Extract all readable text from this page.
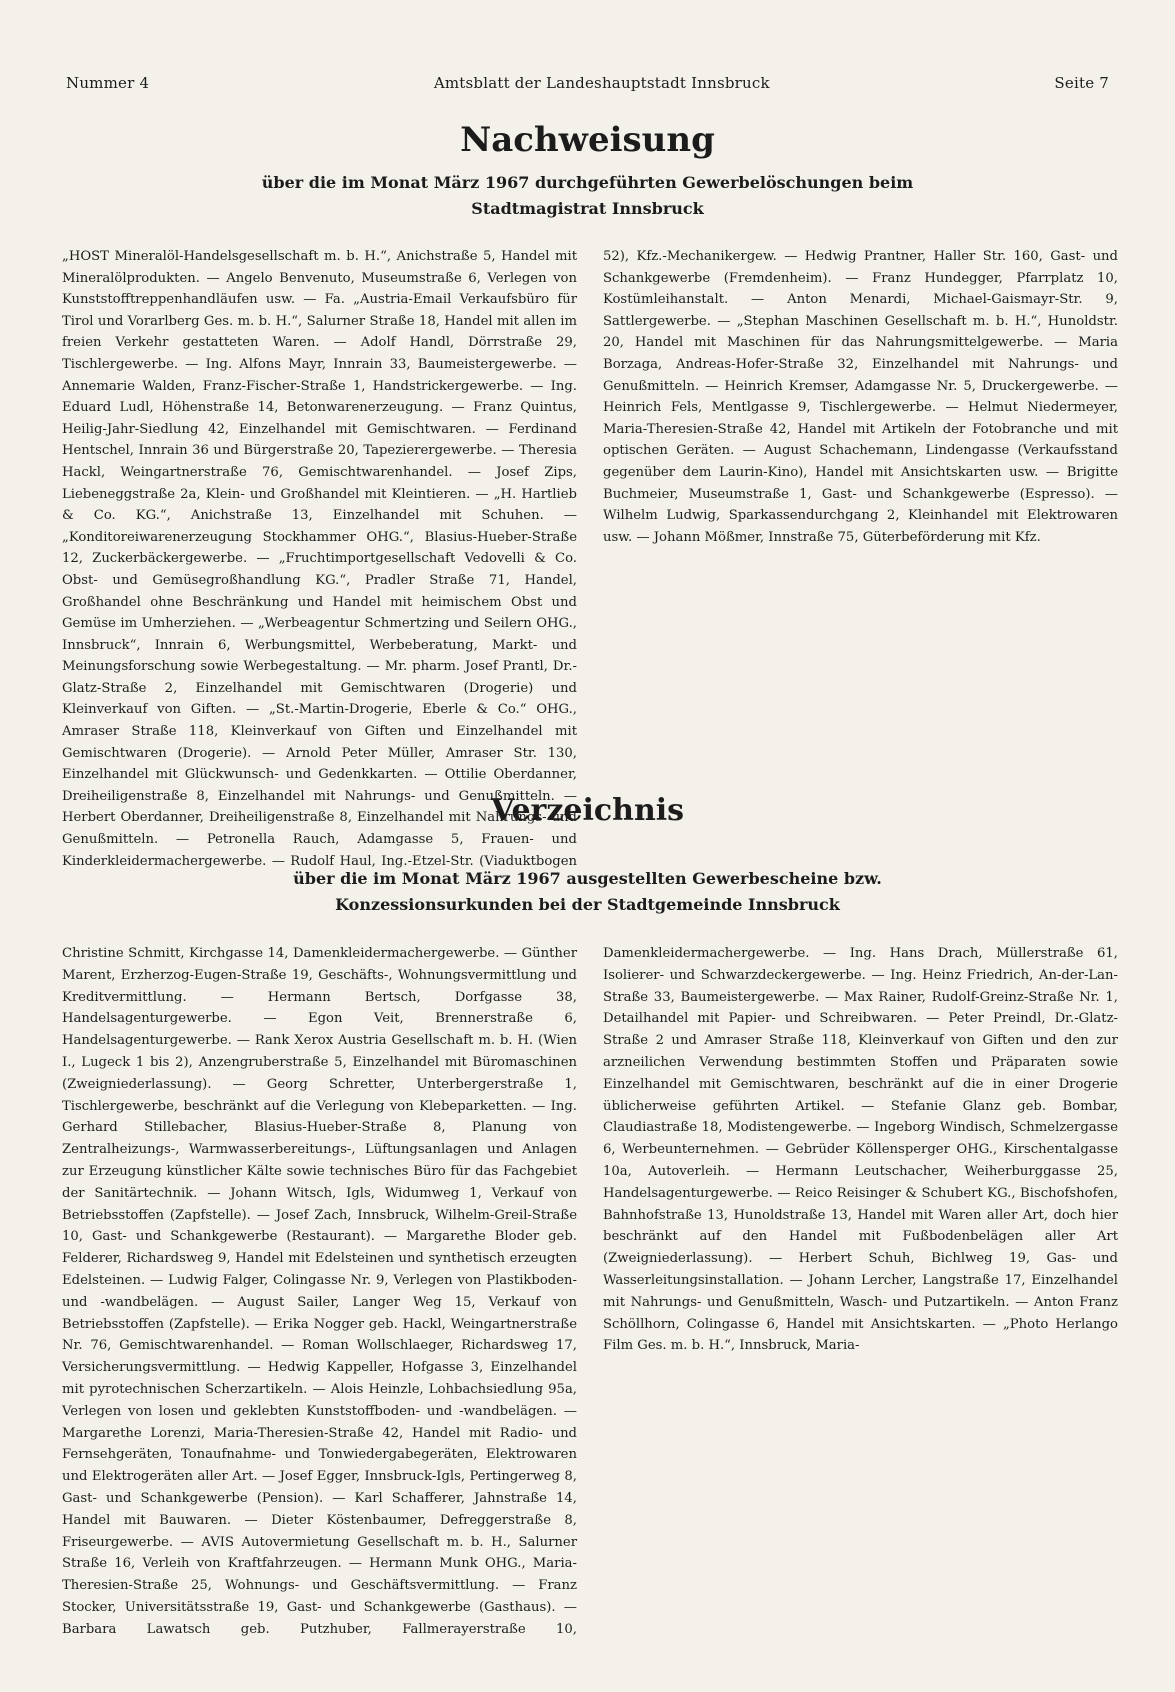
Nummer 4	Amtsblatt der Landeshauptstadt Innsbruck	Seite 7
Nachweisung
über die im Monat März 1967 durchgeführten Gewerbelöschungen beim
Stadtmagistrat Innsbruck

„HOST Mineralöl-Handelsgesellschaft m. b. H.“, Anichstraße 5, Handel mit Mineralölprodukten. — Angelo Benvenuto, Museumstraße 6, Verlegen von Kunststofftreppenhandläufen usw. — Fa. „Austria-Email Verkaufsbüro für Tirol und Vorarlberg Ges. m. b. H.“, Salurner Straße 18, Handel mit allen im freien Verkehr gestatteten Waren. — Adolf Handl, Dörrstraße 29, Tischlergewerbe. — Ing. Alfons Mayr, Innrain 33, Baumeistergewerbe. — Annemarie Walden, Franz-Fischer-Straße 1, Handstrickergewerbe. — Ing. Eduard Ludl, Höhenstraße 14, Betonwarenerzeugung. — Franz Quintus, Heilig-Jahr-Siedlung 42, Einzelhandel mit Gemischtwaren. — Ferdinand Hentschel, Innrain 36 und Bürgerstraße 20, Tapezierergewerbe. — Theresia Hackl, Weingartnerstraße 76, Gemischtwarenhandel. — Josef Zips, Liebeneggstraße 2a, Klein- und Großhandel mit Kleintieren. — „H. Hartlieb & Co. KG.“, Anichstraße 13, Einzelhandel mit Schuhen. — „Konditoreiwarenerzeugung Stockhammer OHG.“, Blasius-Hueber-Straße 12, Zuckerbäckergewerbe. — „Fruchtimportgesellschaft Vedovelli & Co. Obst- und Gemüsegroßhandlung KG.“, Pradler Straße 71, Handel, Großhandel ohne Beschränkung und Handel mit heimischem Obst und Gemüse im Umherziehen. — „Werbeagentur Schmertzing und Seilern OHG., Innsbruck“, Innrain 6, Werbungsmittel, Werbeberatung, Markt- und Meinungsforschung sowie Werbegestaltung. — Mr. pharm. Josef Prantl, Dr.-Glatz-Straße 2, Einzelhandel mit Gemischtwaren (Drogerie) und Kleinverkauf von Giften. — „St.-Martin-Drogerie, Eberle & Co.“ OHG., Amraser Straße 118, Kleinverkauf von Giften und Einzelhandel mit Gemischtwaren (Drogerie). — Arnold Peter Müller, Amraser Str. 130, Einzelhandel mit Glückwunsch- und Gedenkkarten. — Ottilie Oberdanner, Dreiheiligenstraße 8, Einzelhandel mit Nahrungs- und Genußmitteln. — Herbert Oberdanner, Dreiheiligenstraße 8, Einzelhandel mit Nahrungs- und Genußmitteln. — Petronella Rauch, Adamgasse 5, Frauen- und Kinderkleidermachergewerbe. — Rudolf Haul, Ing.-Etzel-Str. (Viaduktbogen 52), Kfz.-Mechanikergew. — Hedwig Prantner, Haller Str. 160, Gast- und Schankgewerbe (Fremdenheim). — Franz Hundegger, Pfarrplatz 10, Kostümleihanstalt. — Anton Menardi, Michael-Gaismayr-Str. 9, Sattlergewerbe. — „Stephan Maschinen Gesellschaft m. b. H.“, Hunoldstr. 20, Handel mit Maschinen für das Nahrungsmittelgewerbe. — Maria Borzaga, Andreas-Hofer-Straße 32, Einzelhandel mit Nahrungs- und Genußmitteln. — Heinrich Kremser, Adamgasse Nr. 5, Druckergewerbe. — Heinrich Fels, Mentlgasse 9, Tischlergewerbe. — Helmut Niedermeyer, Maria-Theresien-Straße 42, Handel mit Artikeln der Fotobranche und mit optischen Geräten. — August Schachemann, Lindengasse (Verkaufsstand gegenüber dem Laurin-Kino), Handel mit Ansichtskarten usw. — Brigitte Buchmeier, Museumstraße 1, Gast- und Schankgewerbe (Espresso). — Wilhelm Ludwig, Sparkassendurchgang 2, Kleinhandel mit Elektrowaren usw. — Johann Mößmer, Innstraße 75, Güterbeförderung mit Kfz.

Verzeichnis
über die im Monat März 1967 ausgestellten Gewerbescheine bzw.
Konzessionsurkunden bei der Stadtgemeinde Innsbruck

Christine Schmitt, Kirchgasse 14, Damenkleidermachergewerbe. — Günther Marent, Erzherzog-Eugen-Straße 19, Geschäfts-, Wohnungsvermittlung und Kreditvermittlung. — Hermann Bertsch, Dorfgasse 38, Handelsagenturgewerbe. — Egon Veit, Brennerstraße 6, Handelsagenturgewerbe. — Rank Xerox Austria Gesellschaft m. b. H. (Wien I., Lugeck 1 bis 2), Anzengruberstraße 5, Einzelhandel mit Büromaschinen (Zweigniederlassung). — Georg Schretter, Unterbergerstraße 1, Tischlergewerbe, beschränkt auf die Verlegung von Klebeparketten. — Ing. Gerhard Stillebacher, Blasius-Hueber-Straße 8, Planung von Zentralheizungs-, Warmwasserbereitungs-, Lüftungsanlagen und Anlagen zur Erzeugung künstlicher Kälte sowie technisches Büro für das Fachgebiet der Sanitärtechnik. — Johann Witsch, Igls, Widumweg 1, Verkauf von Betriebsstoffen (Zapfstelle). — Josef Zach, Innsbruck, Wilhelm-Greil-Straße 10, Gast- und Schankgewerbe (Restaurant). — Margarethe Bloder geb. Felderer, Richardsweg 9, Handel mit Edelsteinen und synthetisch erzeugten Edelsteinen. — Ludwig Falger, Colingasse Nr. 9, Verlegen von Plastikboden- und -wandbelägen. — August Sailer, Langer Weg 15, Verkauf von Betriebsstoffen (Zapfstelle). — Erika Nogger geb. Hackl, Weingartnerstraße Nr. 76, Gemischtwarenhandel. — Roman Wollschlaeger, Richardsweg 17, Versicherungsvermittlung. — Hedwig Kappeller, Hofgasse 3, Einzelhandel mit pyrotechnischen Scherzartikeln. — Alois Heinzle, Lohbachsiedlung 95a, Verlegen von losen und geklebten Kunststoffboden- und -wandbelägen. — Margarethe Lorenzi, Maria-Theresien-Straße 42, Handel mit Radio- und Fernsehgeräten, Tonaufnahme- und Tonwiedergabegeräten, Elektrowaren und Elektrogeräten aller Art. — Josef Egger, Innsbruck-Igls, Pertingerweg 8, Gast- und Schankgewerbe (Pension). — Karl Schafferer, Jahnstraße 14, Handel mit Bauwaren. — Dieter Köstenbaumer, Defreggerstraße 8, Friseurgewerbe. — AVIS Autovermietung Gesellschaft m. b. H., Salurner Straße 16, Verleih von Kraftfahrzeugen. — Hermann Munk OHG., Maria-Theresien-Straße 25, Wohnungs- und Geschäftsvermittlung. — Franz Stocker, Universitätsstraße 19, Gast- und Schankgewerbe (Gasthaus). — Barbara Lawatsch geb. Putzhuber, Fallmerayerstraße 10, Damenkleidermachergewerbe. — Ing. Hans Drach, Müllerstraße 61, Isolierer- und Schwarzdeckergewerbe. — Ing. Heinz Friedrich, An-der-Lan-Straße 33, Baumeistergewerbe. — Max Rainer, Rudolf-Greinz-Straße Nr. 1, Detailhandel mit Papier- und Schreibwaren. — Peter Preindl, Dr.-Glatz-Straße 2 und Amraser Straße 118, Kleinverkauf von Giften und den zur arzneilichen Verwendung bestimmten Stoffen und Präparaten sowie Einzelhandel mit Gemischtwaren, beschränkt auf die in einer Drogerie üblicherweise geführten Artikel. — Stefanie Glanz geb. Bombar, Claudiastraße 18, Modistengewerbe. — Ingeborg Windisch, Schmelzergasse 6, Werbeunternehmen. — Gebrüder Köllensperger OHG., Kirschentalgasse 10a, Autoverleih. — Hermann Leutschacher, Weiherburggasse 25, Handelsagenturgewerbe. — Reico Reisinger & Schubert KG., Bischofshofen, Bahnhofstraße 13, Hunoldstraße 13, Handel mit Waren aller Art, doch hier beschränkt auf den Handel mit Fußbodenbelägen aller Art (Zweigniederlassung). — Herbert Schuh, Bichlweg 19, Gas- und Wasserleitungsinstallation. — Johann Lercher, Langstraße 17, Einzelhandel mit Nahrungs- und Genußmitteln, Wasch- und Putzartikeln. — Anton Franz Schöllhorn, Colingasse 6, Handel mit Ansichtskarten. — „Photo Herlango Film Ges. m. b. H.“, Innsbruck, Maria-
